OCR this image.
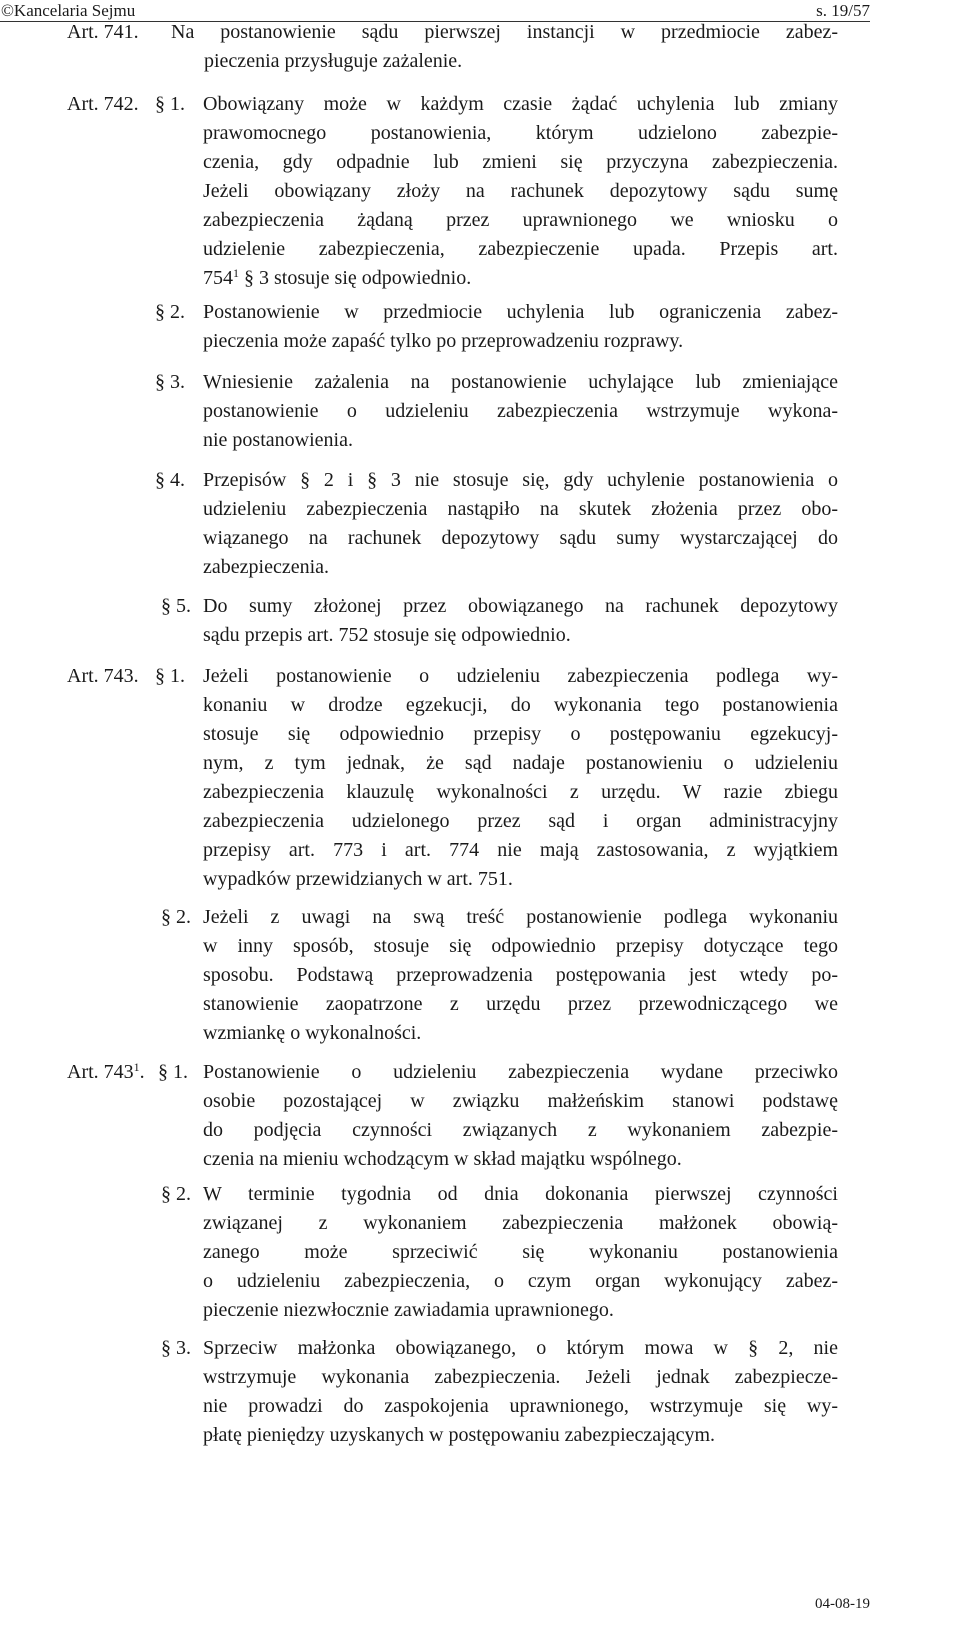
©Kancelaria Sejmu	s. 19/57
Art. 741. Na postanowienie sądu pierwszej instancji w przedmiocie zabez-
pieczenia przysługuje zażalenie.
Art. 742. § 1. Obowiązany może w każdym czasie żądać uchylenia lub zmiany
prawomocnego postanowienia, którym udzielono zabezpie-
czenia, gdy odpadnie lub zmieni się przyczyna zabezpieczenia.
Jeżeli obowiązany złoży na rachunek depozytowy sądu sumę
zabezpieczenia żądaną przez uprawnionego we wniosku o
udzielenie zabezpieczenia, zabezpieczenie upada. Przepis art.
$754^1$ § 3 stosuje się odpowiednio.
§ 2. Postanowienie w przedmiocie uchylenia lub ograniczenia zabez-
pieczenia może zapaść tylko po przeprowadzeniu rozprawy.
§ 3. Wniesienie zażalenia na postanowienie uchylające lub zmieniające
postanowienie o udzieleniu zabezpieczenia wstrzymuje wykona-
nie postanowienia.
§ 4. Przepisów § 2 i § 3 nie stosuje się, gdy uchylenie postanowienia o
udzieleniu zabezpieczenia nastąpiło na skutek złożenia przez obo-
wiązanego na rachunek depozytowy sądu sumy wystarczającej do
zabezpieczenia.
§ 5. Do sumy złożonej przez obowiązanego na rachunek depozytowy
sądu przepis art. 752 stosuje się odpowiednio.
Art. 743. § 1. Jeżeli postanowienie o udzieleniu zabezpieczenia podlega wy-
konaniu w drodze egzekucji, do wykonania tego postanowienia
stosuje się odpowiednio przepisy o postępowaniu egzekucyj-
nym, z tym jednak, że sąd nadaje postanowieniu o udzieleniu
zabezpieczenia klauzulę wykonalności z urzędu. W razie zbiegu
zabezpieczenia udzielonego przez sąd i organ administracyjny
przepisy art. 773 i art. 774 nie mają zastosowania, z wyjątkiem
wypadków przewidzianych w art. 751.
§ 2. Jeżeli z uwagi na swą treść postanowienie podlega wykonaniu
w inny sposób, stosuje się odpowiednio przepisy dotyczące tego
sposobu. Podstawą przeprowadzenia postępowania jest wtedy po-
stanowienie zaopatrzone z urzędu przez przewodniczącego we
wzmiankę o wykonalności.
Art. $743^1$. § 1. Postanowienie o udzieleniu zabezpieczenia wydane przeciwko
osobie pozostającej w związku małżeńskim stanowi podstawę
do podjęcia czynności związanych z wykonaniem zabezpie-
czenia na mieniu wchodzącym w skład majątku wspólnego.
§ 2. W terminie tygodnia od dnia dokonania pierwszej czynności
związanej z wykonaniem zabezpieczenia małżonek obowią-
zanego może sprzeciwić się wykonaniu postanowienia
o udzieleniu zabezpieczenia, o czym organ wykonujący zabez-
pieczenie niezwłocznie zawiadamia uprawnionego.
§ 3. Sprzeciw małżonka obowiązanego, o którym mowa w § 2, nie
wstrzymuje wykonania zabezpieczenia. Jeżeli jednak zabezpiecze-
nie prowadzi do zaspokojenia uprawnionego, wstrzymuje się wy-
płatę pieniędzy uzyskanych w postępowaniu zabezpieczającym.
04-08-19
